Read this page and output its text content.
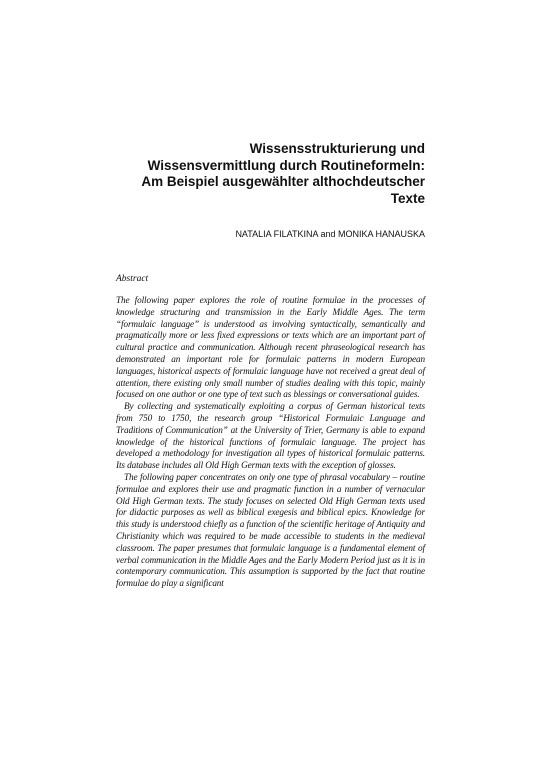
Wissensstrukturierung und
Wissensvermittlung durch Routineformeln:
Am Beispiel ausgewählter althochdeutscher
Texte
NATALIA FILATKINA and MONIKA HANAUSKA
Abstract

The following paper explores the role of routine formulae in the processes of knowledge structuring and transmission in the Early Middle Ages. The term “formulaic language” is understood as involving syntactically, semantically and pragmatically more or less fixed expressions or texts which are an important part of cultural practice and communication. Although recent phraseological research has demonstrated an important role for formulaic patterns in modern European languages, historical aspects of formulaic language have not received a great deal of attention, there existing only small number of studies dealing with this topic, mainly focused on one author or one type of text such as blessings or conversational guides.

By collecting and systematically exploiting a corpus of German historical texts from 750 to 1750, the research group “Historical Formulaic Language and Traditions of Communication” at the University of Trier, Germany is able to expand knowledge of the historical functions of formulaic language. The project has developed a methodology for investigation all types of historical formulaic patterns. Its database includes all Old High German texts with the exception of glosses.

The following paper concentrates on only one type of phrasal vocabulary – routine formulae and explores their use and pragmatic function in a number of vernacular Old High German texts. The study focuses on selected Old High German texts used for didactic purposes as well as biblical exegesis and biblical epics. Knowledge for this study is understood chiefly as a function of the scientific heritage of Antiquity and Christianity which was required to be made accessible to students in the medieval classroom. The paper presumes that formulaic language is a fundamental element of verbal communication in the Middle Ages and the Early Modern Period just as it is in contemporary communication. This assumption is supported by the fact that routine formulae do play a significant
